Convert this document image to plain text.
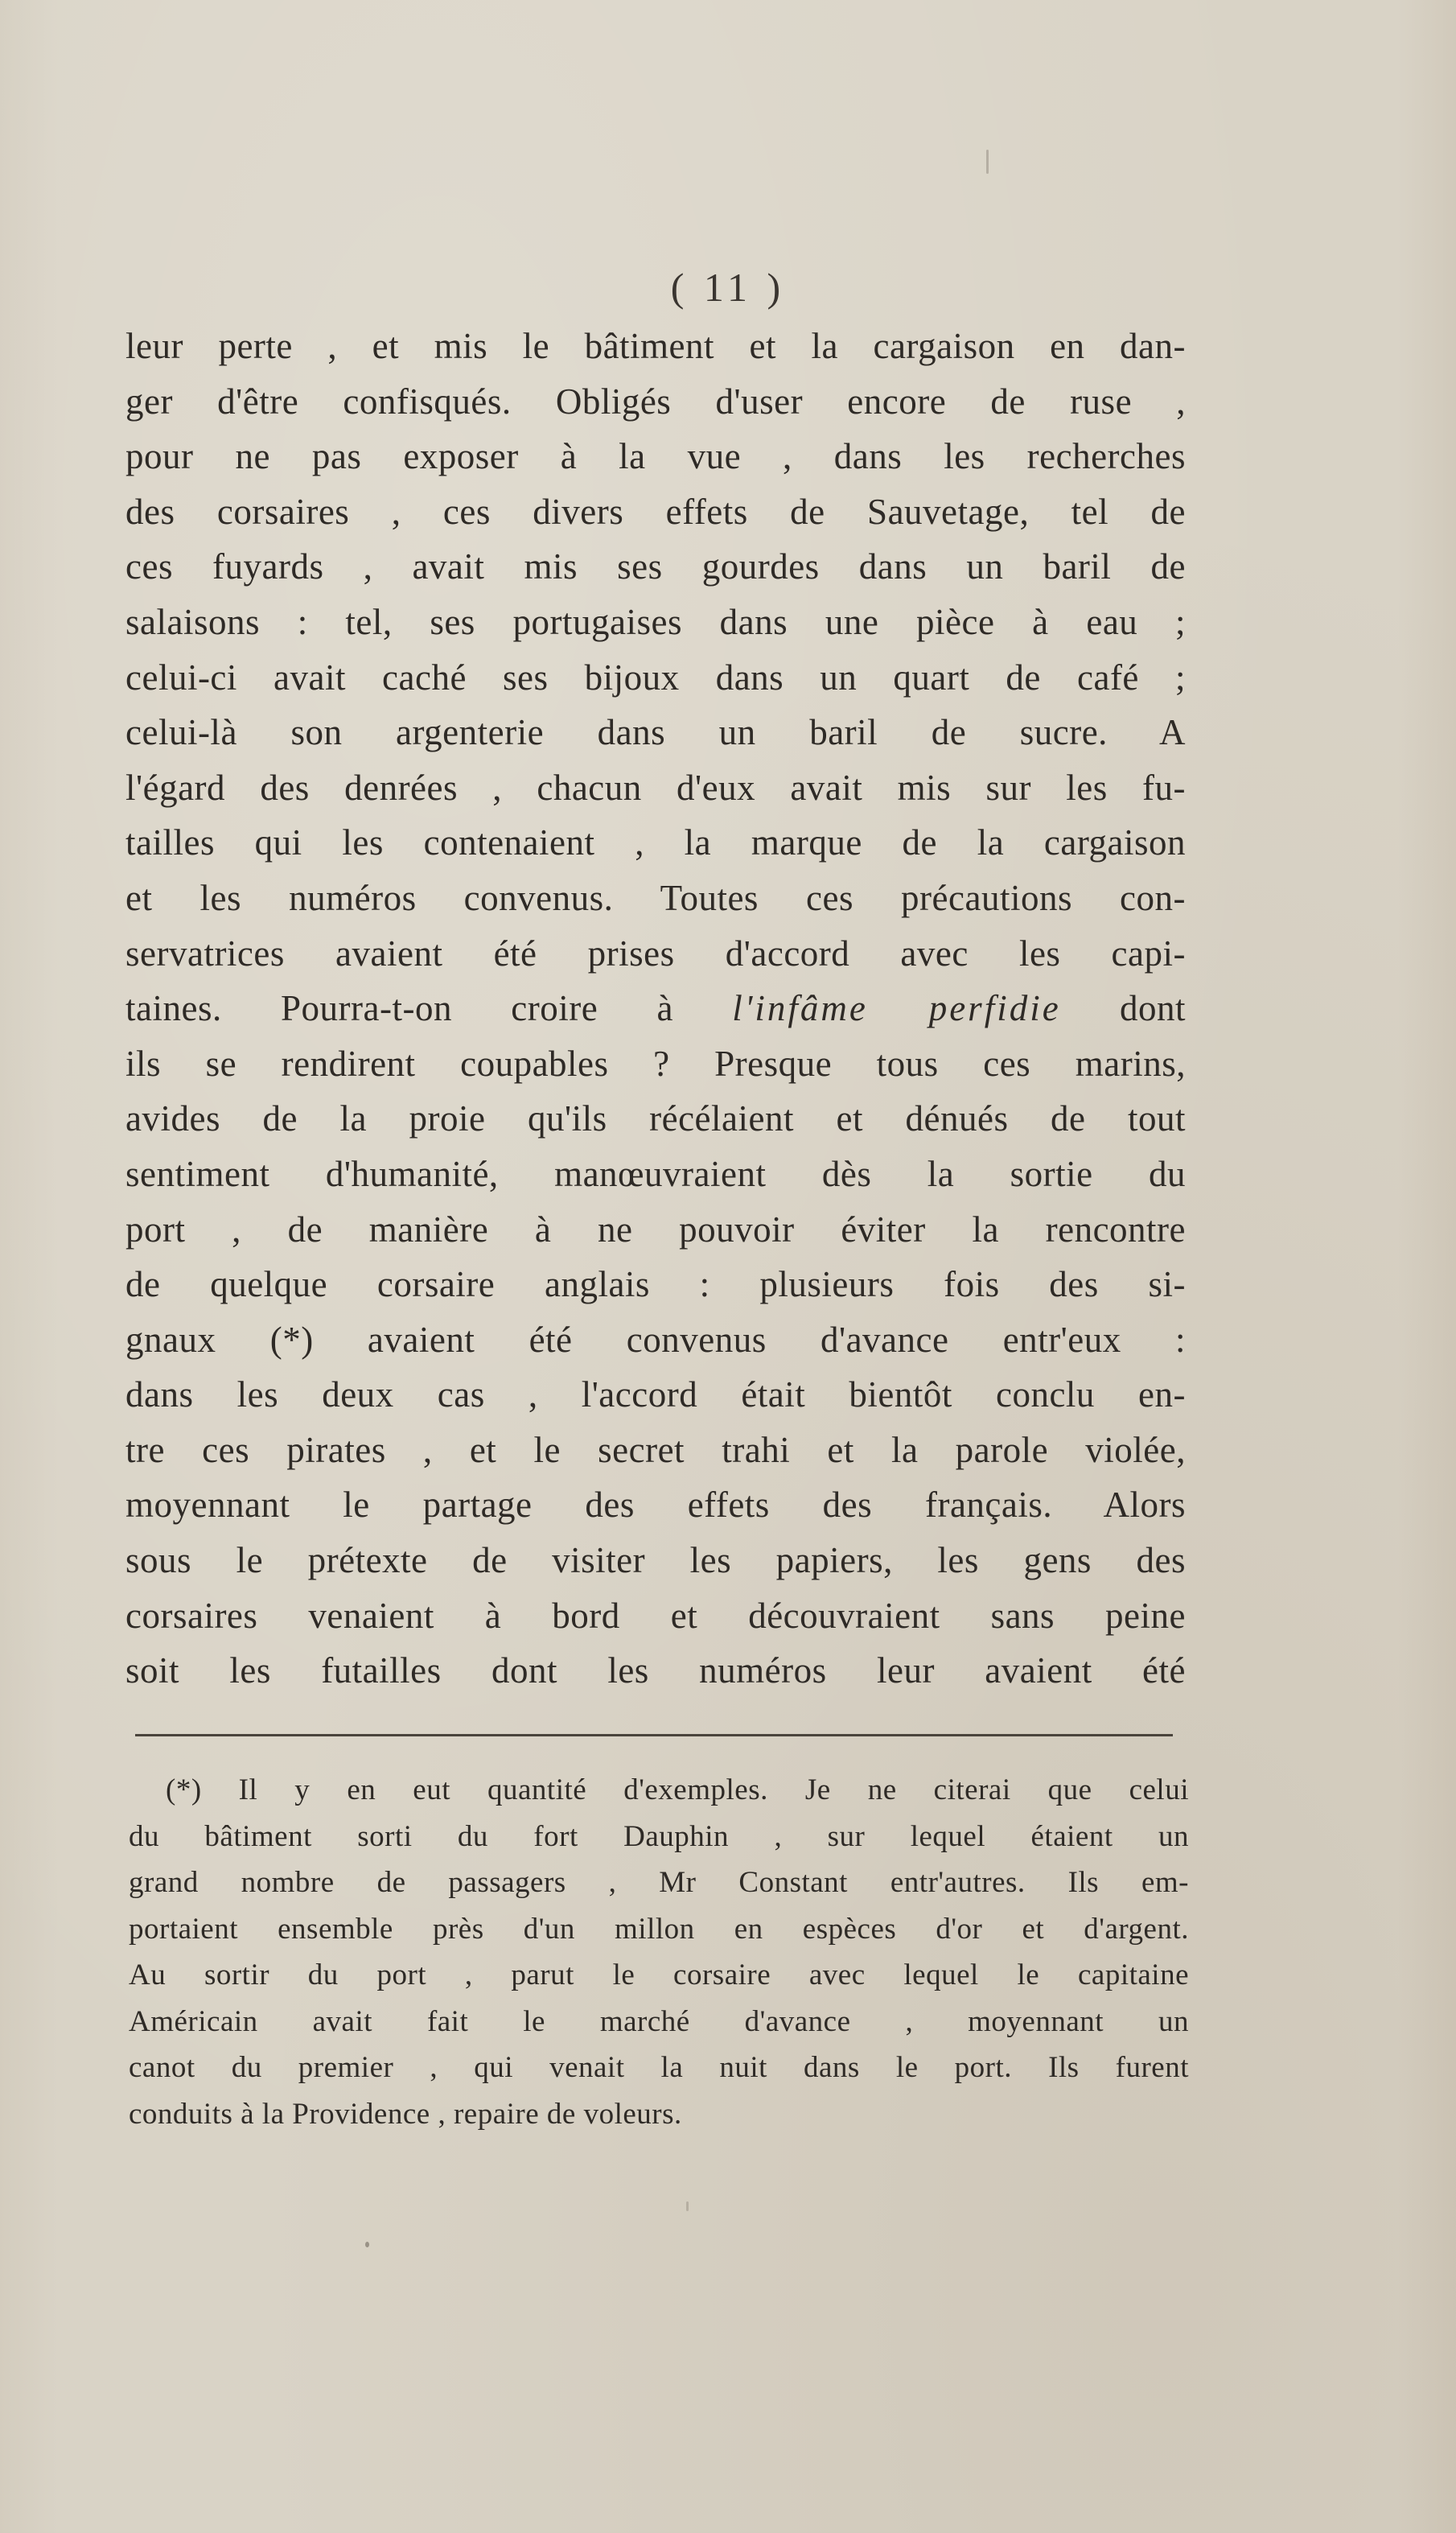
( 11 )
leur perte , et mis le bâtiment et la cargaison en dan-
ger d'être confisqués. Obligés d'user encore de ruse ,
pour ne pas exposer à la vue , dans les recherches
des corsaires , ces divers effets de Sauvetage, tel de
ces fuyards , avait mis ses gourdes dans un baril de
salaisons : tel, ses portugaises dans une pièce à eau ;
celui-ci avait caché ses bijoux dans un quart de café ;
celui-là son argenterie dans un baril de sucre. A
l'égard des denrées , chacun d'eux avait mis sur les fu-
tailles qui les contenaient , la marque de la cargaison
et les numéros convenus. Toutes ces précautions con-
servatrices avaient été prises d'accord avec les capi-
taines. Pourra-t-on croire à l'infâme perfidie dont
ils se rendirent coupables ? Presque tous ces marins,
avides de la proie qu'ils récélaient et dénués de tout
sentiment d'humanité, manœuvraient dès la sortie du
port , de manière à ne pouvoir éviter la rencontre
de quelque corsaire anglais : plusieurs fois des si-
gnaux (*) avaient été convenus d'avance entr'eux :
dans les deux cas , l'accord était bientôt conclu en-
tre ces pirates , et le secret trahi et la parole violée,
moyennant le partage des effets des français. Alors
sous le prétexte de visiter les papiers, les gens des
corsaires venaient à bord et découvraient sans peine
soit les futailles dont les numéros leur avaient été
(*) Il y en eut quantité d'exemples. Je ne citerai que celui
du bâtiment sorti du fort Dauphin , sur lequel étaient un
grand nombre de passagers , Mr Constant entr'autres. Ils em-
portaient ensemble près d'un millon en espèces d'or et d'argent.
Au sortir du port , parut le corsaire avec lequel le capitaine
Américain avait fait le marché d'avance , moyennant un
canot du premier , qui venait la nuit dans le port. Ils furent
conduits à la Providence , repaire de voleurs.
